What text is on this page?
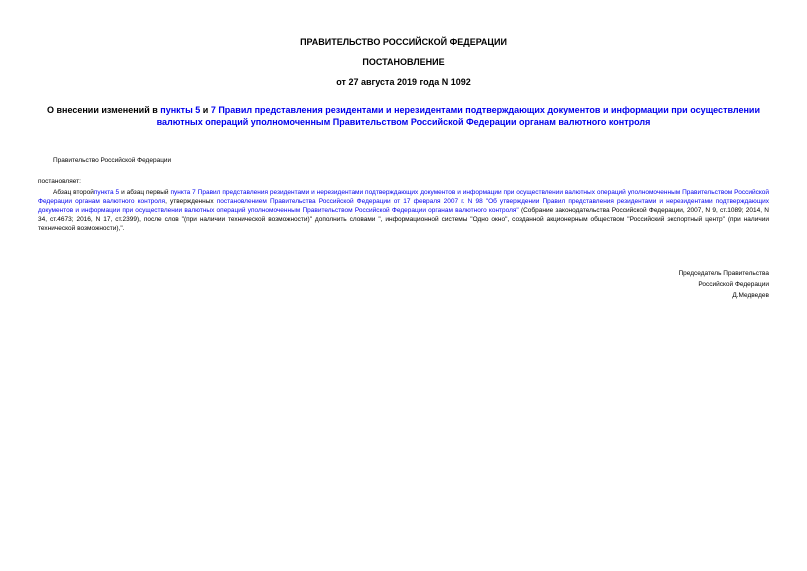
ПРАВИТЕЛЬСТВО РОССИЙСКОЙ ФЕДЕРАЦИИ
ПОСТАНОВЛЕНИЕ
от 27 августа 2019 года N 1092
О внесении изменений в пункты 5 и 7 Правил представления резидентами и нерезидентами подтверждающих документов и информации при осуществлении валютных операций уполномоченным Правительством Российской Федерации органам валютного контроля
Правительство Российской Федерации
постановляет:
Абзац второйпункта 5 и абзац первый пункта 7 Правил представления резидентами и нерезидентами подтверждающих документов и информации при осуществлении валютных операций уполномоченным Правительством Российской Федерации органам валютного контроля, утвержденных постановлением Правительства Российской Федерации от 17 февраля 2007 г. N 98 "Об утверждении Правил представления резидентами и нерезидентами подтверждающих документов и информации при осуществлении валютных операций уполномоченным Правительством Российской Федерации органам валютного контроля" (Собрание законодательства Российской Федерации, 2007, N 9, ст.1089; 2014, N 34, ст.4673; 2016, N 17, ст.2399), после слов "(при наличии технической возможности)" дополнить словами ", информационной системы "Одно окно", созданной акционерным обществом "Российский экспортный центр" (при наличии технической возможности),".
Председатель Правительства
Российской Федерации
Д.Медведев
